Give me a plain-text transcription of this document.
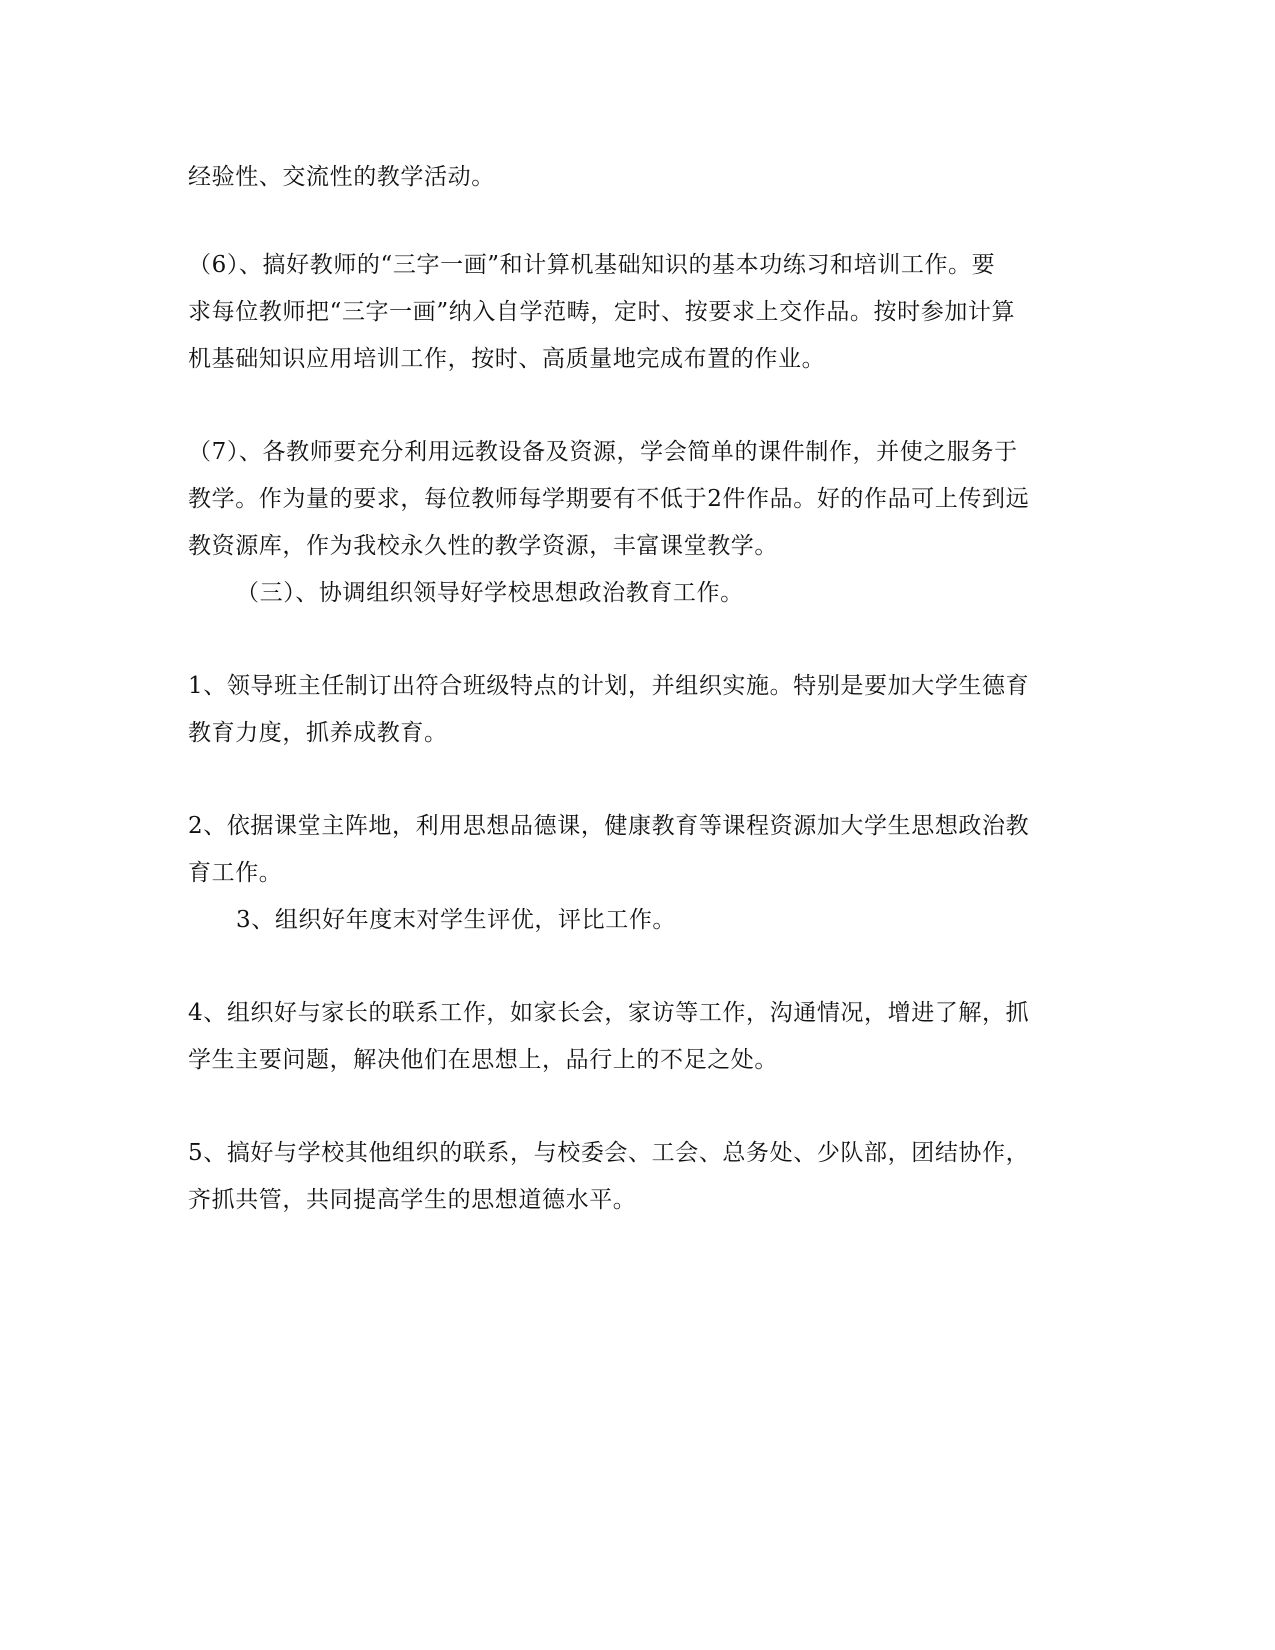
经验性、交流性的教学活动。
（6）、搞好教师的“三字一画”和计算机基础知识的基本功练习和培训工作。要
求每位教师把“三字一画”纳入自学范畴，定时、按要求上交作品。按时参加计算
机基础知识应用培训工作，按时、高质量地完成布置的作业。
（7）、各教师要充分利用远教设备及资源，学会简单的课件制作，并使之服务于
教学。作为量的要求，每位教师每学期要有不低于2件作品。好的作品可上传到远
教资源库，作为我校永久性的教学资源，丰富课堂教学。
（三）、协调组织领导好学校思想政治教育工作。
1、领导班主任制订出符合班级特点的计划，并组织实施。特别是要加大学生德育
教育力度，抓养成教育。
2、依据课堂主阵地，利用思想品德课，健康教育等课程资源加大学生思想政治教
育工作。
3、组织好年度末对学生评优，评比工作。
4、组织好与家长的联系工作，如家长会，家访等工作，沟通情况，增进了解，抓
学生主要问题，解决他们在思想上，品行上的不足之处。
5、搞好与学校其他组织的联系，与校委会、工会、总务处、少队部，团结协作，
齐抓共管，共同提高学生的思想道德水平。
